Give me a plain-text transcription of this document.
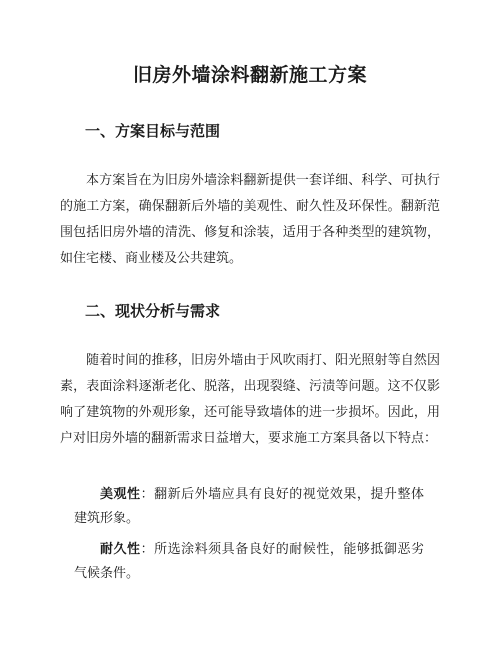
旧房外墙涂料翻新施工方案
一、方案目标与范围
本方案旨在为旧房外墙涂料翻新提供一套详细、科学、可执行的施工方案，确保翻新后外墙的美观性、耐久性及环保性。翻新范围包括旧房外墙的清洗、修复和涂装，适用于各种类型的建筑物，如住宅楼、商业楼及公共建筑。
二、现状分析与需求
随着时间的推移，旧房外墙由于风吹雨打、阳光照射等自然因素，表面涂料逐渐老化、脱落，出现裂缝、污渍等问题。这不仅影响了建筑物的外观形象，还可能导致墙体的进一步损坏。因此，用户对旧房外墙的翻新需求日益增大，要求施工方案具备以下特点：
美观性：翻新后外墙应具有良好的视觉效果，提升整体建筑形象。
耐久性：所选涂料须具备良好的耐候性，能够抵御恶劣气候条件。
